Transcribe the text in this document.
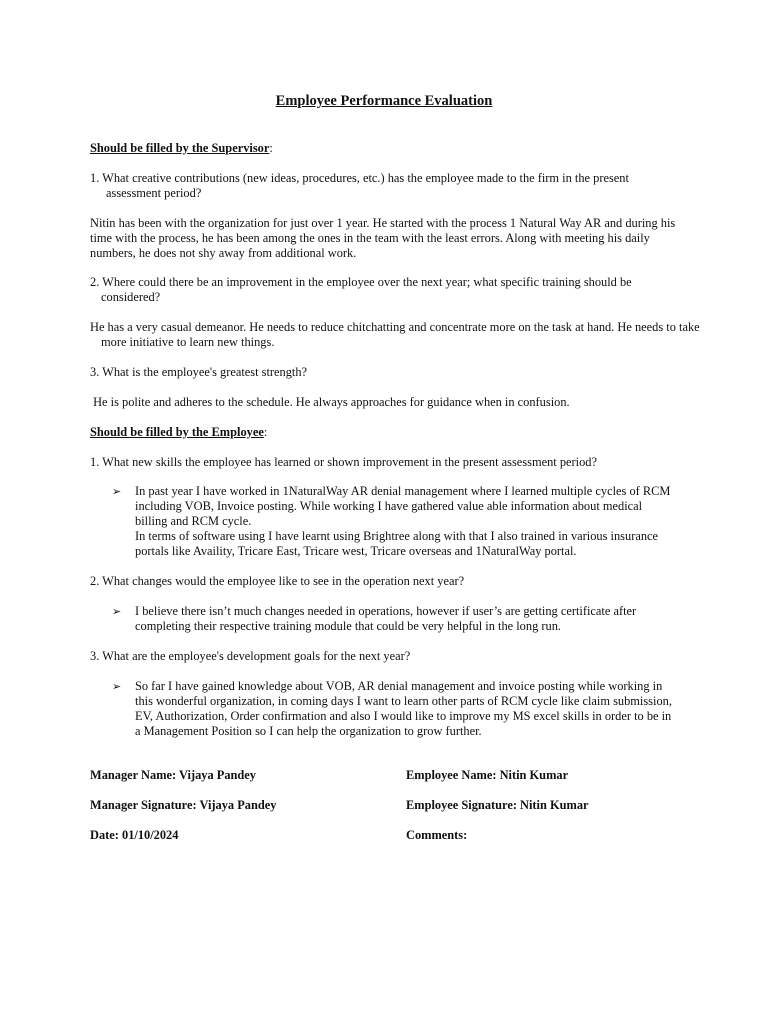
Employee Performance Evaluation
Should be filled by the Supervisor:
1. What creative contributions (new ideas, procedures, etc.) has the employee made to the firm in the present assessment period?
Nitin has been with the organization for just over 1 year. He started with the process 1 Natural Way AR and during his time with the process, he has been among the ones in the team with the least errors. Along with meeting his daily numbers, he does not shy away from additional work.
2. Where could there be an improvement in the employee over the next year; what specific training should be considered?
He has a very casual demeanor. He needs to reduce chitchatting and concentrate more on the task at hand. He needs to take more initiative to learn new things.
3. What is the employee's greatest strength?
He is polite and adheres to the schedule. He always approaches for guidance when in confusion.
Should be filled by the Employee:
1. What new skills the employee has learned or shown improvement in the present assessment period?
➢	In past year I have worked in 1NaturalWay AR denial management where I learned multiple cycles of RCM including VOB, Invoice posting. While working I have gathered value able information about medical billing and RCM cycle.
In terms of software using I have learnt using Brightree along with that I also trained in various insurance portals like Availity, Tricare East, Tricare west, Tricare overseas and 1NaturalWay portal.
2. What changes would the employee like to see in the operation next year?
➢	I believe there isn’t much changes needed in operations, however if user’s are getting certificate after completing their respective training module that could be very helpful in the long run.
3. What are the employee's development goals for the next year?
➢	So far I have gained knowledge about VOB, AR denial management and invoice posting while working in this wonderful organization, in coming days I want to learn other parts of RCM cycle like claim submission, EV, Authorization, Order confirmation and also I would like to improve my MS excel skills in order to be in a Management Position so I can help the organization to grow further.
Manager Name: Vijaya Pandey	Employee Name: Nitin Kumar
Manager Signature: Vijaya Pandey	Employee Signature: Nitin Kumar
Date: 01/10/2024	Comments:
